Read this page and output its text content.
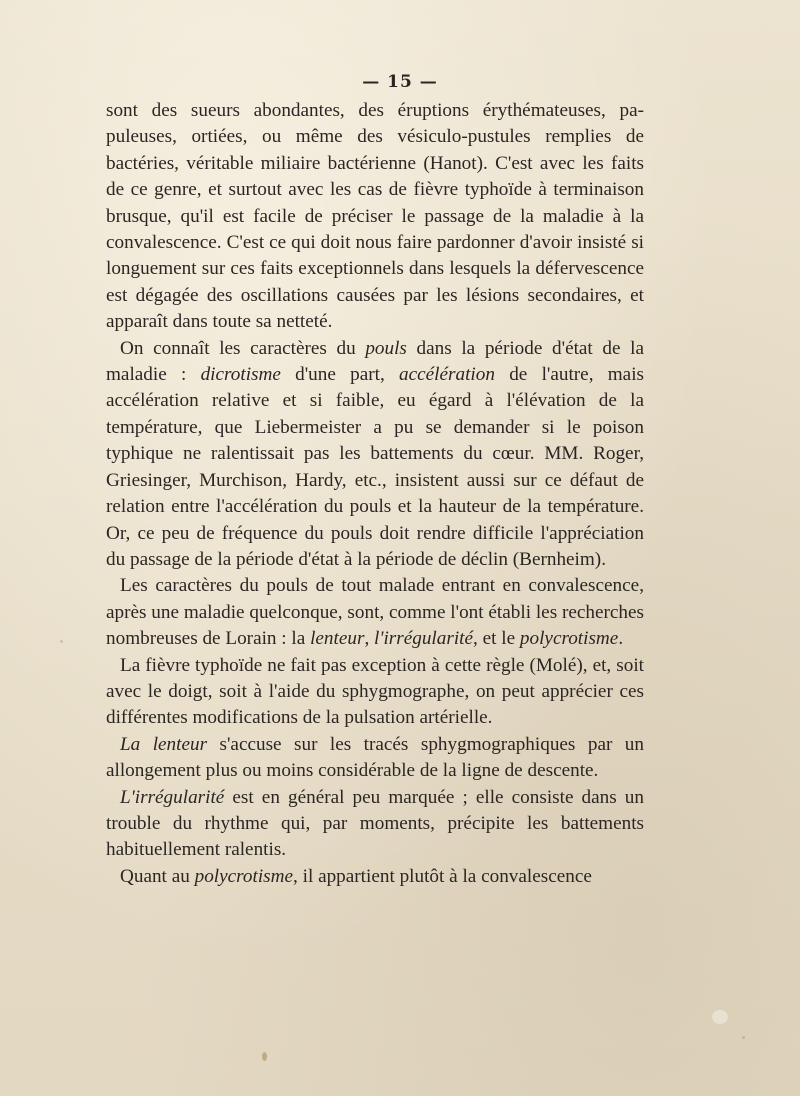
— 15 —

sont des sueurs abondantes, des éruptions érythémateuses, papuleuses, ortiées, ou même des vésiculo-pustules remplies de bactéries, véritable miliaire bactérienne (Hanot). C'est avec les faits de ce genre, et surtout avec les cas de fièvre typhoïde à terminaison brusque, qu'il est facile de préciser le passage de la maladie à la convalescence. C'est ce qui doit nous faire pardonner d'avoir insisté si longuement sur ces faits exceptionnels dans lesquels la défervescence est dégagée des oscillations causées par les lésions secondaires, et apparaît dans toute sa netteté.

On connaît les caractères du pouls dans la période d'état de la maladie : dicrotisme d'une part, accélération de l'autre, mais accélération relative et si faible, eu égard à l'élévation de la température, que Liebermeister a pu se demander si le poison typhique ne ralentissait pas les battements du cœur. MM. Roger, Griesinger, Murchison, Hardy, etc., insistent aussi sur ce défaut de relation entre l'accélération du pouls et la hauteur de la température. Or, ce peu de fréquence du pouls doit rendre difficile l'appréciation du passage de la période d'état à la période de déclin (Bernheim).

Les caractères du pouls de tout malade entrant en convalescence, après une maladie quelconque, sont, comme l'ont établi les recherches nombreuses de Lorain : la lenteur, l'irrégularité, et le polycrotisme.

La fièvre typhoïde ne fait pas exception à cette règle (Molé), et, soit avec le doigt, soit à l'aide du sphygmographe, on peut apprécier ces différentes modifications de la pulsation artérielle.

La lenteur s'accuse sur les tracés sphygmographiques par un allongement plus ou moins considérable de la ligne de descente.

L'irrégularité est en général peu marquée ; elle consiste dans un trouble du rhythme qui, par moments, précipite les battements habituellement ralentis.

Quant au polycrotisme, il appartient plutôt à la convalescence
